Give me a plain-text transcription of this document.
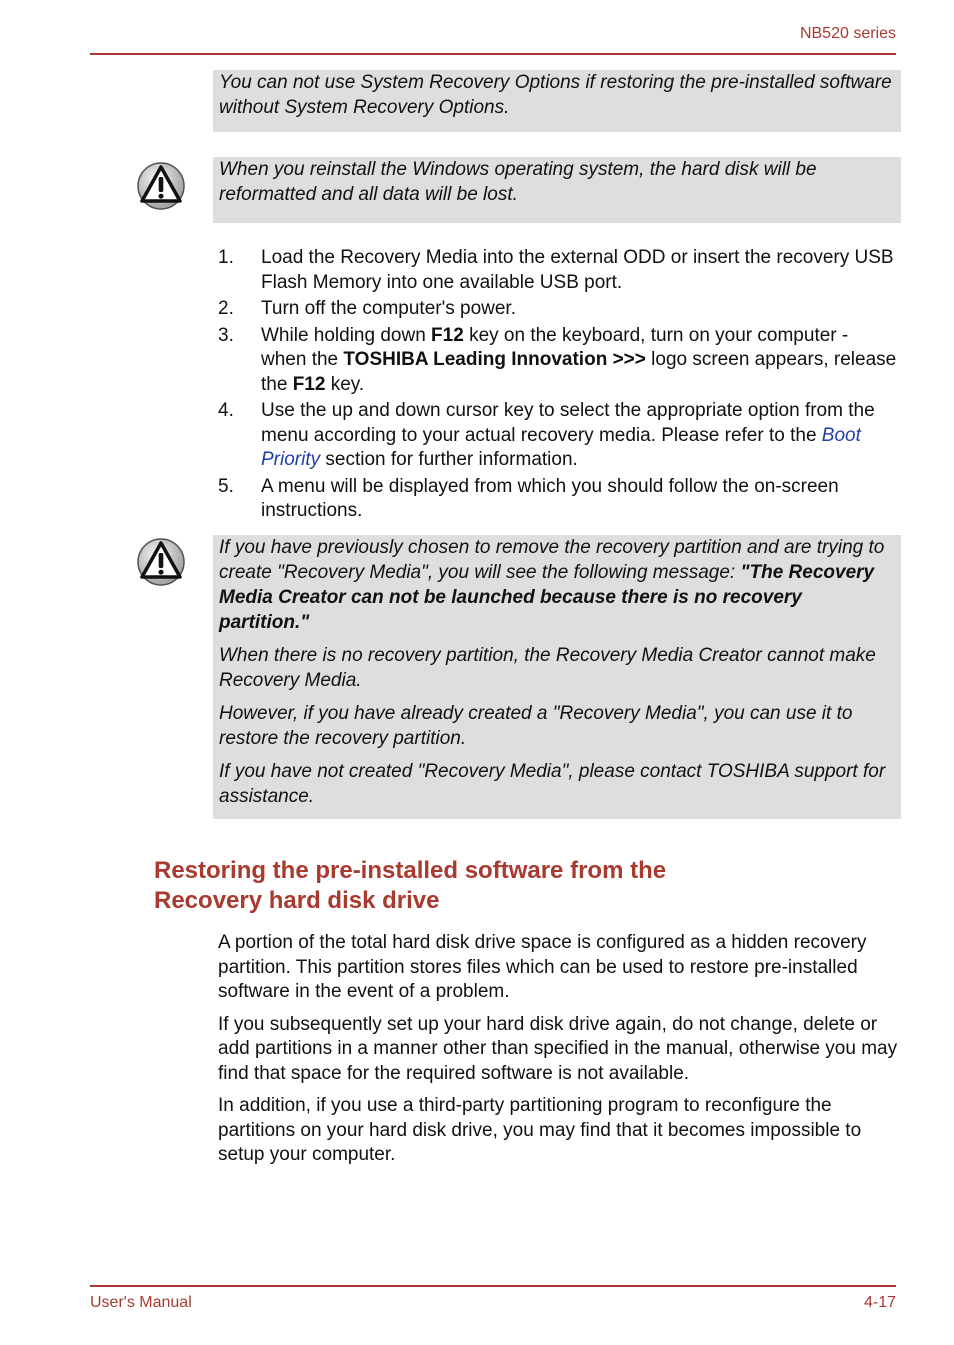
NB520 series

You can not use System Recovery Options if restoring the pre-installed software without System Recovery Options.

When you reinstall the Windows operating system, the hard disk will be reformatted and all data will be lost.

1. Load the Recovery Media into the external ODD or insert the recovery USB Flash Memory into one available USB port.
2. Turn off the computer's power.
3. While holding down F12 key on the keyboard, turn on your computer - when the TOSHIBA Leading Innovation >>> logo screen appears, release the F12 key.
4. Use the up and down cursor key to select the appropriate option from the menu according to your actual recovery media. Please refer to the Boot Priority section for further information.
5. A menu will be displayed from which you should follow the on-screen instructions.

If you have previously chosen to remove the recovery partition and are trying to create "Recovery Media", you will see the following message: "The Recovery Media Creator can not be launched because there is no recovery partition."

When there is no recovery partition, the Recovery Media Creator cannot make Recovery Media.

However, if you have already created a "Recovery Media", you can use it to restore the recovery partition.

If you have not created "Recovery Media", please contact TOSHIBA support for assistance.

Restoring the pre-installed software from the
Recovery hard disk drive

A portion of the total hard disk drive space is configured as a hidden recovery partition. This partition stores files which can be used to restore pre-installed software in the event of a problem.

If you subsequently set up your hard disk drive again, do not change, delete or add partitions in a manner other than specified in the manual, otherwise you may find that space for the required software is not available.

In addition, if you use a third-party partitioning program to reconfigure the partitions on your hard disk drive, you may find that it becomes impossible to setup your computer.

User's Manual	4-17
